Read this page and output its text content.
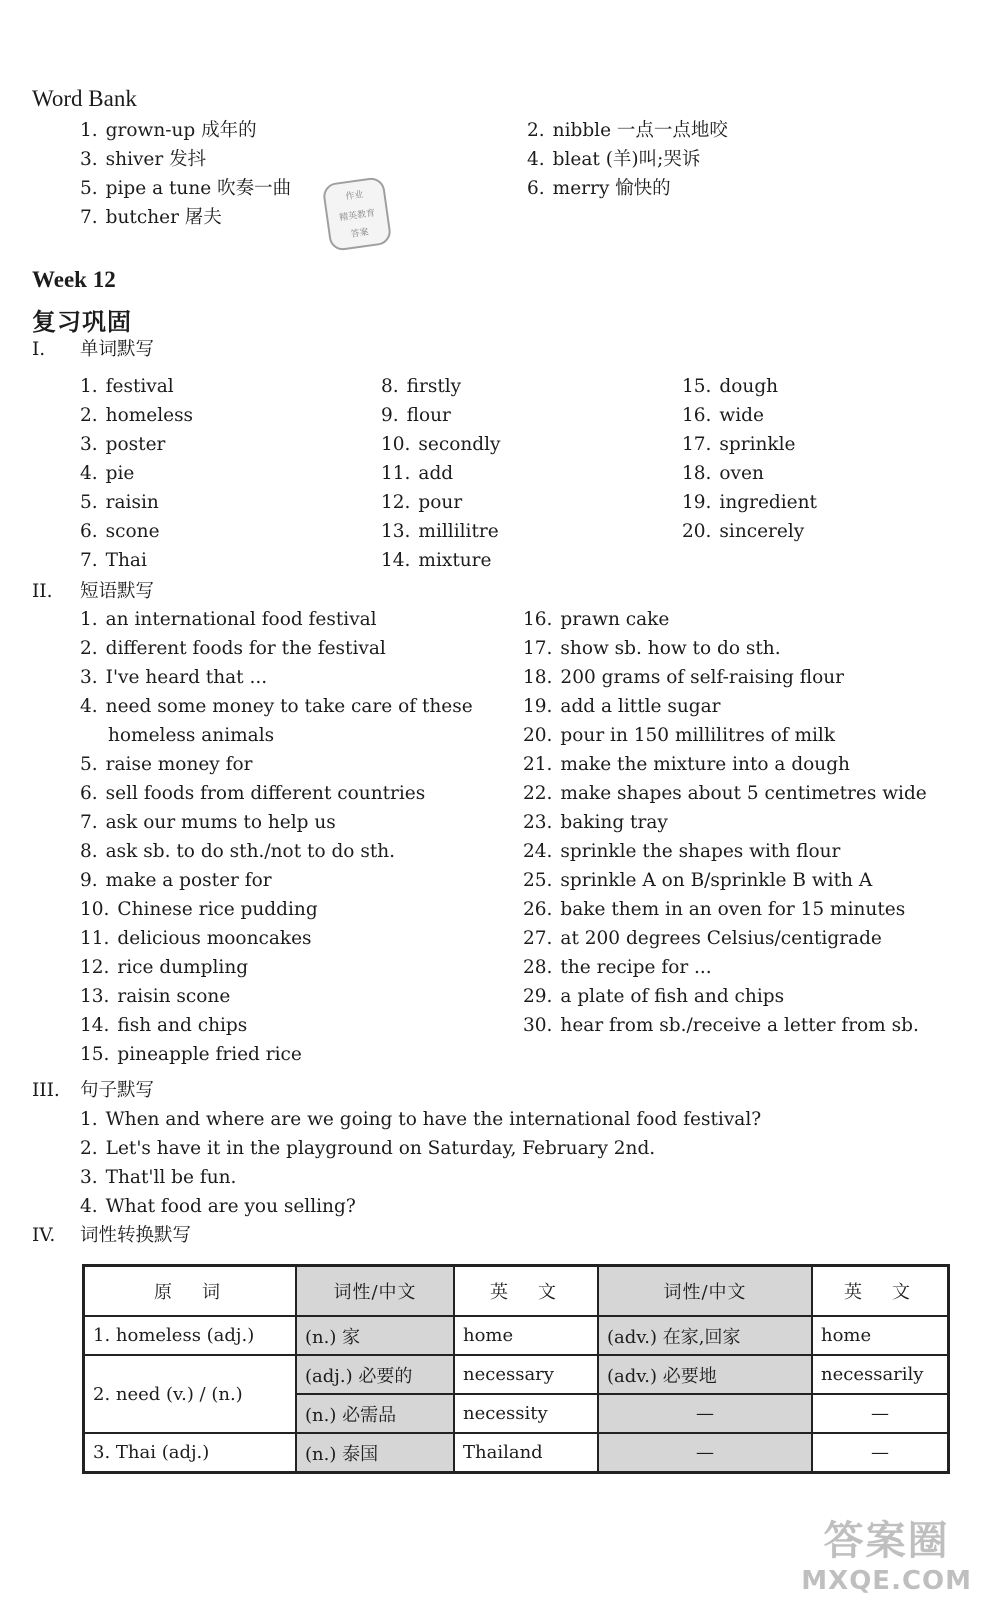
Word Bank
1. grown-up 成年的	2. nibble 一点一点地咬
3. shiver 发抖	4. bleat (羊)叫;哭诉
5. pipe a tune 吹奏一曲	6. merry 愉快的
7. butcher 屠夫
作业
精英教育
答案
Week 12
复习巩固
I. 单词默写
1. festival
2. homeless
3. poster
4. pie
5. raisin
6. scone
7. Thai
8. firstly
9. flour
10. secondly
11. add
12. pour
13. millilitre
14. mixture
15. dough
16. wide
17. sprinkle
18. oven
19. ingredient
20. sincerely
II. 短语默写
1. an international food festival
2. different foods for the festival
3. I've heard that ...
4. need some money to take care of these
homeless animals
5. raise money for
6. sell foods from different countries
7. ask our mums to help us
8. ask sb. to do sth./not to do sth.
9. make a poster for
10. Chinese rice pudding
11. delicious mooncakes
12. rice dumpling
13. raisin scone
14. fish and chips
15. pineapple fried rice
16. prawn cake
17. show sb. how to do sth.
18. 200 grams of self-raising flour
19. add a little sugar
20. pour in 150 millilitres of milk
21. make the mixture into a dough
22. make shapes about 5 centimetres wide
23. baking tray
24. sprinkle the shapes with flour
25. sprinkle A on B/sprinkle B with A
26. bake them in an oven for 15 minutes
27. at 200 degrees Celsius/centigrade
28. the recipe for ...
29. a plate of fish and chips
30. hear from sb./receive a letter from sb.
III. 句子默写
1. When and where are we going to have the international food festival?
2. Let's have it in the playground on Saturday, February 2nd.
3. That'll be fun.
4. What food are you selling?
IV. 词性转换默写
原　词	词性/中文	英　文	词性/中文	英　文
1. homeless (adj.)	(n.) 家	home	(adv.) 在家,回家	home
2. need (v.) / (n.)	(adj.) 必要的	necessary	(adv.) 必要地	necessarily
	(n.) 必需品	necessity	—	—
3. Thai (adj.)	(n.) 泰国	Thailand	—	—
答案圈
MXQE.COM
